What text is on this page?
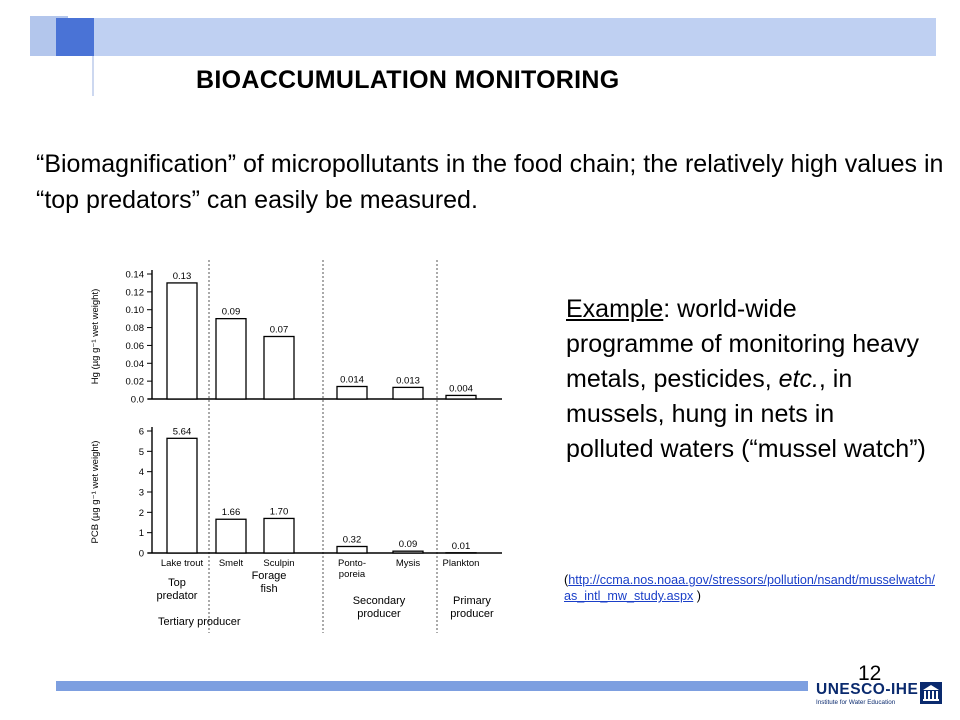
BIOACCUMULATION MONITORING
“Biomagnification” of micropollutants in the food chain; the relatively high values in “top predators” can easily be measured.
0.0
0.02
0.04
0.06
0.08
0.10
0.12
0.14
Hg (µg g⁻¹ wet weight)
0.13
0.09
0.07
0.014	0.013
0.004
0
1
2
3
4
5
6
PCB (µg g⁻¹ wet weight)
5.64
1.66	1.70
0.32	0.09	0.01
Lake trout Smelt Sculpin	Ponto-poreia
Mysis Plankton
Top predator
Forage fish
Secondary producer
Primary producer
Tertiary producer
Example: world-wide programme of monitoring heavy metals, pesticides, etc., in mussels, hung in nets in polluted waters (“mussel watch”)
(http://ccma.nos.noaa.gov/stressors/pollution/nsandt/musselwatch/as_intl_mw_study.aspx )
12
UNESCO-IHE
Institute for Water Education
